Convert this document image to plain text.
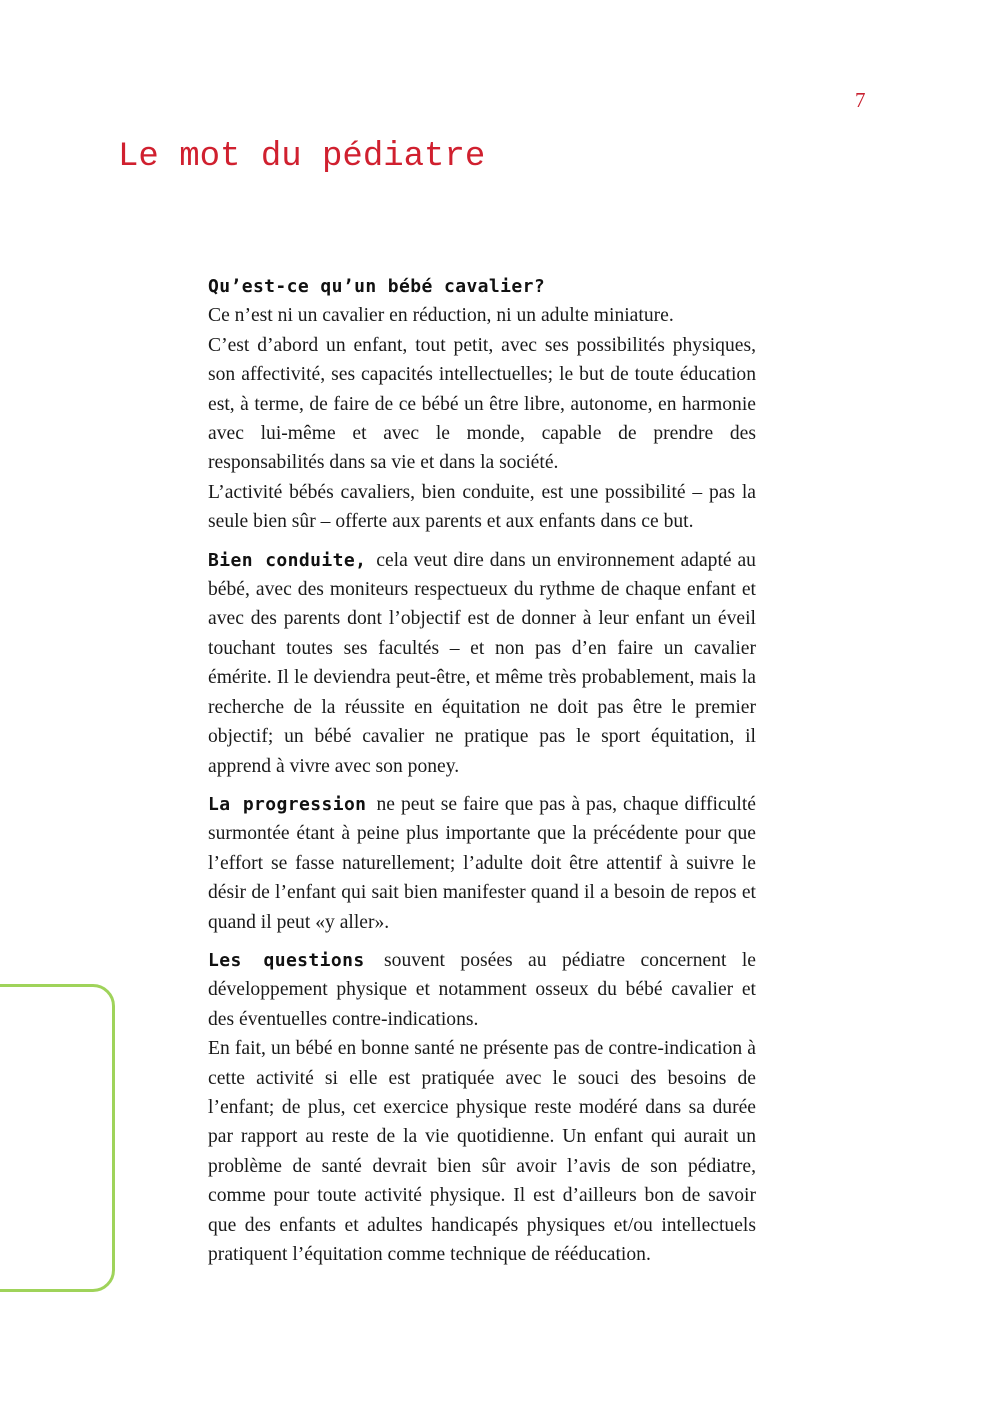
7
Le mot du pédiatre

Qu’est-ce qu’un bébé cavalier?

Ce n’est ni un cavalier en réduction, ni un adulte miniature.

C’est d’abord un enfant, tout petit, avec ses possibilités physiques, son affectivité, ses capacités intellectuelles; le but de toute éducation est, à terme, de faire de ce bébé un être libre, autonome, en harmonie avec lui-même et avec le monde, capable de prendre des responsabilités dans sa vie et dans la société.

L’activité bébés cavaliers, bien conduite, est une possibilité – pas la seule bien sûr – offerte aux parents et aux enfants dans ce but.

Bien conduite, cela veut dire dans un environnement adapté au bébé, avec des moniteurs respectueux du rythme de chaque enfant et avec des parents dont l’objectif est de donner à leur enfant un éveil touchant toutes ses facultés – et non pas d’en faire un cavalier émérite. Il le deviendra peut-être, et même très probablement, mais la recherche de la réussite en équitation ne doit pas être le premier objectif; un bébé cavalier ne pratique pas le sport équitation, il apprend à vivre avec son poney.

La progression ne peut se faire que pas à pas, chaque difficulté surmontée étant à peine plus importante que la précédente pour que l’effort se fasse naturellement; l’adulte doit être attentif à suivre le désir de l’enfant qui sait bien manifester quand il a besoin de repos et quand il peut «y aller».

Les questions souvent posées au pédiatre concernent le développement physique et notamment osseux du bébé cavalier et des éventuelles contre-indications.

En fait, un bébé en bonne santé ne présente pas de contre-indication à cette activité si elle est pratiquée avec le souci des besoins de l’enfant; de plus, cet exercice physique reste modéré dans sa durée par rapport au reste de la vie quotidienne. Un enfant qui aurait un problème de santé devrait bien sûr avoir l’avis de son pédiatre, comme pour toute activité physique. Il est d’ailleurs bon de savoir que des enfants et adultes handicapés physiques et/ou intellectuels pratiquent l’équitation comme technique de rééducation.
